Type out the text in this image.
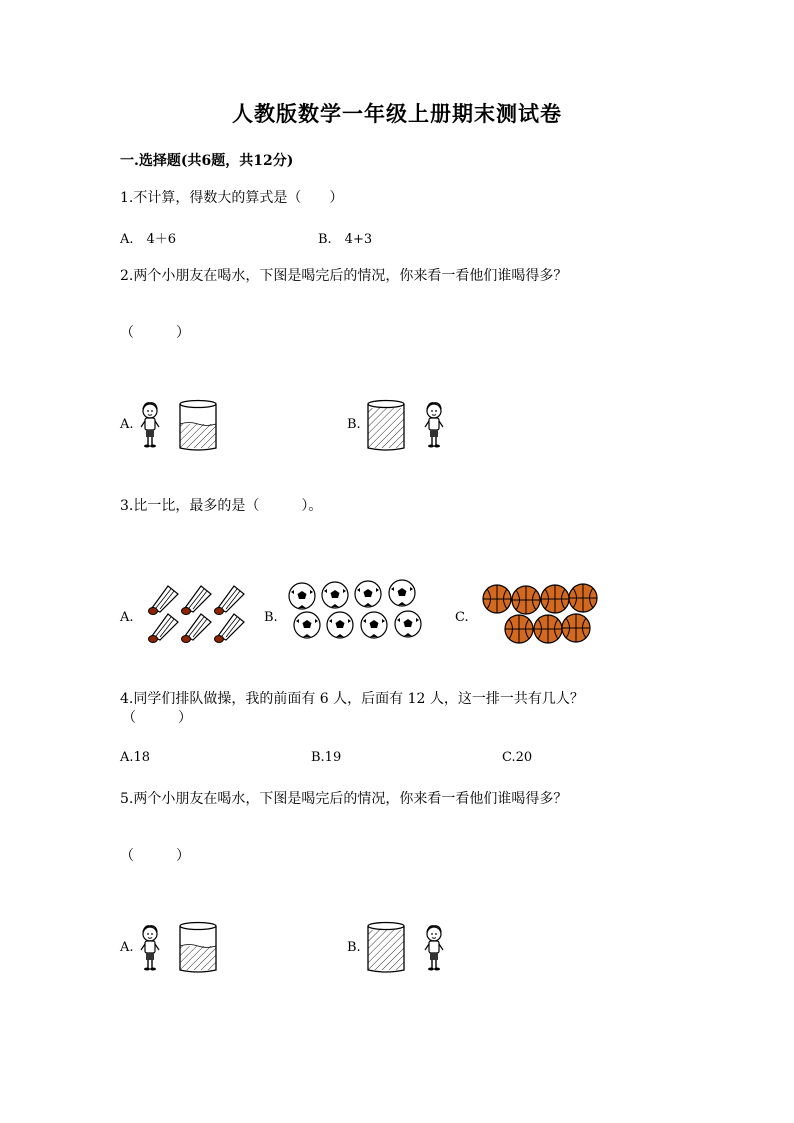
人教版数学一年级上册期末测试卷
一.选择题(共6题，共12分)
1.不计算，得数大的算式是（　　）
A.　4＋6	B.　4+3
2.两个小朋友在喝水，下图是喝完后的情况，你来看一看他们谁喝得多？
（　　　）
A.	B.
3.比一比，最多的是（　　　）。
A.	B.	C.
4.同学们排队做操，我的前面有 6 人，后面有 12 人，这一排一共有几人？
（　　　）
A.18	B.19	C.20
5.两个小朋友在喝水，下图是喝完后的情况，你来看一看他们谁喝得多？
（　　　）
A.	B.
